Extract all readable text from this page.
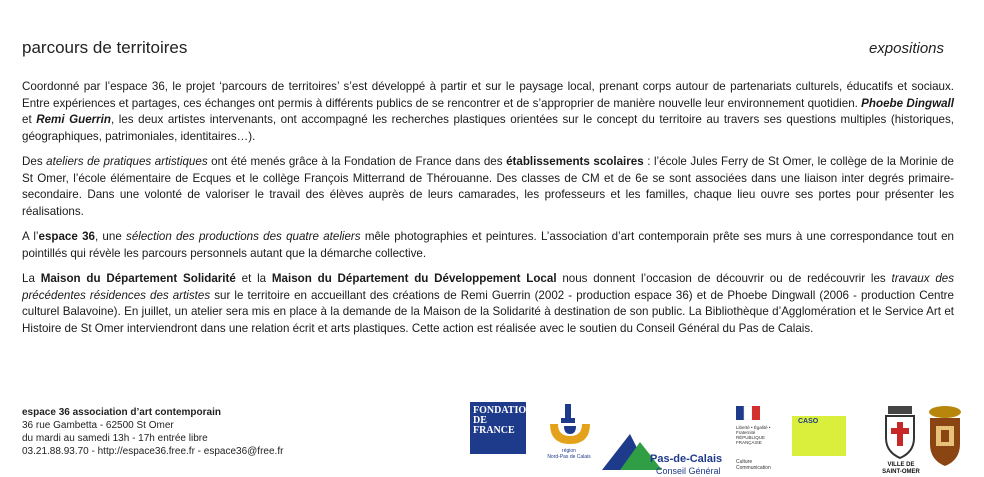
parcours de territoires	expositions

Coordonné par l’espace 36, le projet ‘parcours de territoires’ s’est développé à partir et sur le paysage local, prenant corps autour de partenariats culturels, éducatifs et sociaux. Entre expériences et partages, ces échanges ont permis à différents publics de se rencontrer et de s’approprier de manière nouvelle leur environnement quotidien. Phoebe Dingwall et Remi Guerrin, les deux artistes intervenants, ont accompagné les recherches plastiques orientées sur le concept du territoire au travers ses questions multiples (historiques, géographiques, patrimoniales, identitaires…).

Des ateliers de pratiques artistiques ont été menés grâce à la Fondation de France dans des établissements scolaires : l’école Jules Ferry de St Omer, le collège de la Morinie de St Omer, l’école élémentaire de Ecques et le collège François Mitterrand de Thérouanne. Des classes de CM et de 6e se sont associées dans une liaison inter degrés primaire-secondaire. Dans une volonté de valoriser le travail des élèves auprès de leurs camarades, les professeurs et les familles, chaque lieu ouvre ses portes pour présenter les réalisations.

A l’espace 36, une sélection des productions des quatre ateliers mêle photographies et peintures. L’association d’art contemporain prête ses murs à une correspondance tout en pointillés qui révèle les parcours personnels autant que la démarche collective.

La Maison du Département Solidarité et la Maison du Département du Développement Local nous donnent l’occasion de découvrir ou de redécouvrir les travaux des précédentes résidences des artistes sur le territoire en accueillant des créations de Remi Guerrin (2002 - production espace 36) et de Phoebe Dingwall (2006 - production Centre culturel Balavoine). En juillet, un atelier sera mis en place à la demande de la Maison de la Solidarité à destination de son public. La Bibliothèque d’Agglomération et le Service Art et Histoire de St Omer interviendront dans une relation écrit et arts plastiques. Cette action est réalisée avec le soutien du Conseil Général du Pas de Calais.

espace 36 association d’art contemporain
36 rue Gambetta - 62500 St Omer
du mardi au samedi 13h - 17h entrée libre
03.21.88.93.70 - http://espace36.free.fr - espace36@free.fr
FONDATION DE FRANCE
région
Nord-Pas de Calais	Pas-de-Calais
Conseil Général
Liberté • Égalité • Fraternité
RÉPUBLIQUE FRANÇAISE
Culture Communication
CASO
VILLE DE
SAINT-OMER
